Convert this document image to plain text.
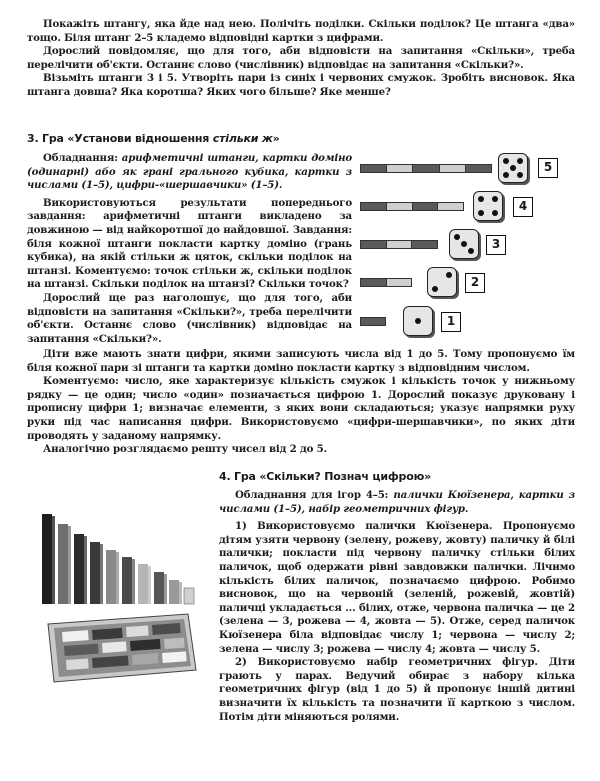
Покажіть штангу, яка йде над нею. Полічіть поділки. Скільки поділок? Це штанга «два» тощо. Біля штанг 2–5 кладемо відповідні картки з цифрами.

Дорослий повідомляє, що для того, аби відповісти на запитання «Скільки», треба перелічити об'єкти. Останнє слово (числівник) відповідає на запитання «Скільки?».

Візьміть штанги 3 і 5. Утворіть пари із синіх і червоних смужок. Зробіть висновок. Яка штанга довша? Яка коротша? Яких чого більше? Яке менше?

3. Гра «Установи відношення стільки ж»

Обладнання: арифметичні штанги, картки доміно (одинарні) або як грані гральнoго кубика, картки з числами (1–5), цифри-«шершавчики» (1–5).

Використовуються результати попереднього завдання: арифметичні штанги викладено за довжиною — від найкоротшої до найдовшої. Завдання: біля кожної штанги покласти картку доміно (грань кубика), на якій стільки ж цяток, скільки поділок на штанзі. Коментуємо: точок стільки ж, скільки поділок на штанзі. Скільки поділок на штанзі? Скільки точок?

Дорослий ще раз наголошує, що для того, аби відповісти на запитання «Скільки?», треба перелічити об'єкти. Останнє слово (числівник) відповідає на запитання «Скільки?».

5
4
3
2
1

Діти вже мають знати цифри, якими записують числа від 1 до 5. Тому пропонуємо їм біля кожної пари зі штанги та картки доміно покласти картку з відповідним числом.

Коментуємо: число, яке характеризує кількість смужок і кількість точок у нижньому рядку — це один; число «один» позначається цифрою 1. Дорослий показує друковану і прописну цифри 1; визначає елементи, з яких вони складаються; указує напрямки руху руки під час написання цифри. Використовуємо «цифри-шершавчики», по яких діти проводять у заданому напрямку.

Аналогічно розглядаємо решту чисел від 2 до 5.

4. Гра «Скільки? Познач цифрою»

Обладнання для ігор 4–5: палички Кюїзенера, картки з числами (1–5), набір геометричних фігур.

1) Використовуємо палички Кюїзенера. Пропонуємо дітям узяти червону (зелену, рожеву, жовту) паличку й білі палички; покласти під червону паличку стільки білих паличок, щоб одержати рівні завдовжки палички. Лічимо кількість білих паличок, позначаємо цифрою. Робимо висновок, що на червоній (зеленій, рожевій, жовтій) паличці укладається ... білих, отже, червона паличка — це 2 (зелена — 3, рожева — 4, жовта — 5). Отже, серед паличок Кюїзенера біла відповідає числу 1; червона — числу 2; зелена — числу 3; рожева — числу 4; жовта — числу 5.

2) Використовуємо набір геометричних фігур. Діти грають у парах. Ведучий обирає з набору кілька геометричних фігур (від 1 до 5) й пропонує іншій дитині визначити їх кількість та позначити її карткою з числом. Потім діти міняються ролями.
